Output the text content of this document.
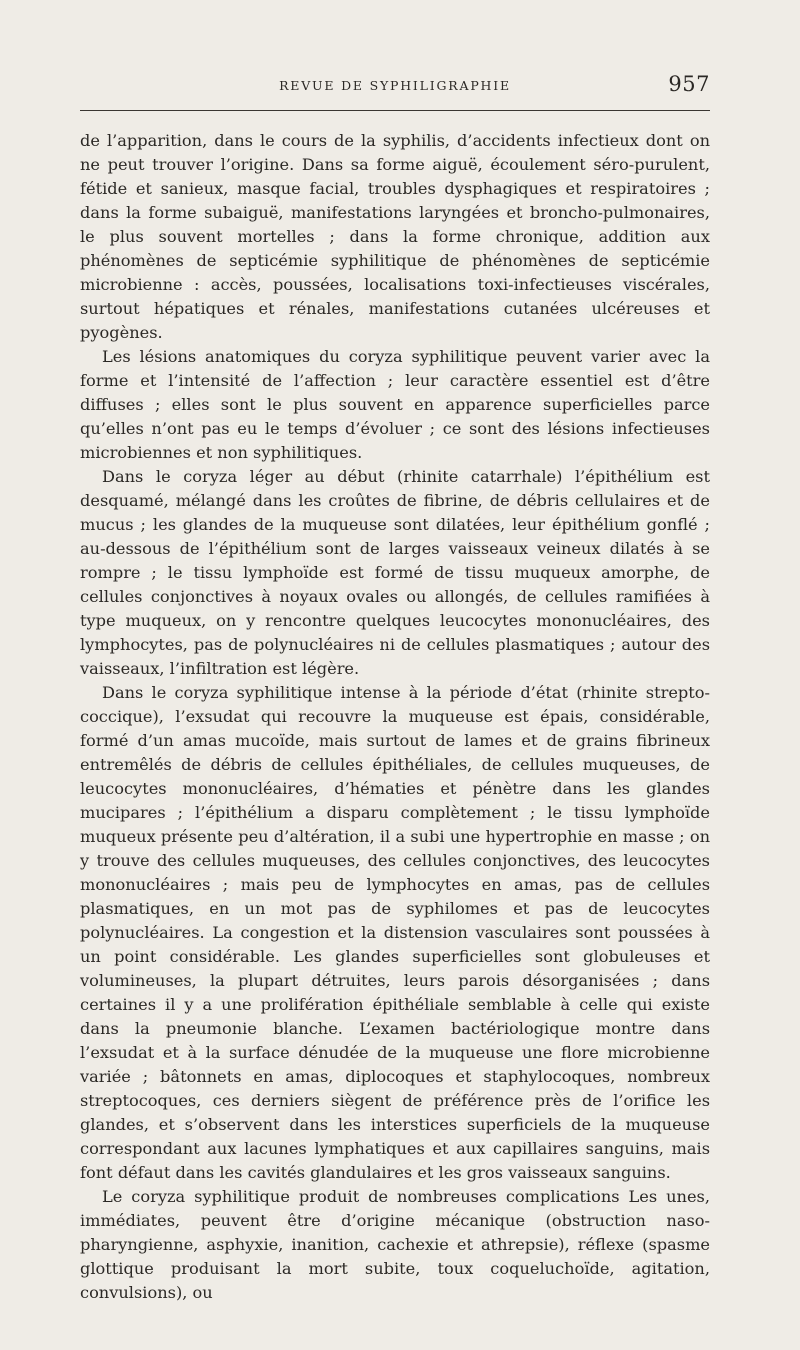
REVUE DE SYPHILIGRAPHIE	957

de l’apparition, dans le cours de la syphilis, d’accidents infectieux dont on ne peut trouver l’origine. Dans sa forme aiguë, écoulement séro-purulent, fétide et sanieux, masque facial, troubles dysphagiques et respiratoires ; dans la forme subaiguë, manifestations laryngées et broncho-pulmonaires, le plus souvent mortelles ; dans la forme chronique, addition aux phénomènes de septicémie syphilitique de phénomènes de septicémie microbienne : accès, poussées, localisations toxi-infectieuses viscérales, surtout hépatiques et rénales, manifestations cutanées ulcéreuses et pyogènes.

Les lésions anatomiques du coryza syphilitique peuvent varier avec la forme et l’intensité de l’affection ; leur caractère essentiel est d’être diffuses ; elles sont le plus souvent en apparence superficielles parce qu’elles n’ont pas eu le temps d’évoluer ; ce sont des lésions infectieuses microbiennes et non syphilitiques.

Dans le coryza léger au début (rhinite catarrhale) l’épithélium est desquamé, mélangé dans les croûtes de fibrine, de débris cellulaires et de mucus ; les glandes de la muqueuse sont dilatées, leur épithélium gonflé ; au-dessous de l’épithélium sont de larges vaisseaux veineux dilatés à se rompre ; le tissu lymphoïde est formé de tissu muqueux amorphe, de cellules conjonctives à noyaux ovales ou allongés, de cellules ramifiées à type muqueux, on y rencontre quelques leucocytes mononucléaires, des lymphocytes, pas de polynucléaires ni de cellules plasmatiques ; autour des vaisseaux, l’infiltration est légère.

Dans le coryza syphilitique intense à la période d’état (rhinite strepto-coccique), l’exsudat qui recouvre la muqueuse est épais, considérable, formé d’un amas mucoïde, mais surtout de lames et de grains fibrineux entremêlés de débris de cellules épithéliales, de cellules muqueuses, de leucocytes mononucléaires, d’hématies et pénètre dans les glandes mucipares ; l’épithélium a disparu complètement ; le tissu lymphoïde muqueux présente peu d’altération, il a subi une hypertrophie en masse ; on y trouve des cellules muqueuses, des cellules conjonctives, des leucocytes mononucléaires ; mais peu de lymphocytes en amas, pas de cellules plasmatiques, en un mot pas de syphilomes et pas de leucocytes polynucléaires. La congestion et la distension vasculaires sont poussées à un point considérable. Les glandes superficielles sont globuleuses et volumineuses, la plupart détruites, leurs parois désorganisées ; dans certaines il y a une prolifération épithéliale semblable à celle qui existe dans la pneumonie blanche. L’examen bactériologique montre dans l’exsudat et à la surface dénudée de la muqueuse une flore microbienne variée ; bâtonnets en amas, diplocoques et staphylocoques, nombreux streptocoques, ces derniers siègent de préférence près de l’orifice les glandes, et s’observent dans les interstices superficiels de la muqueuse correspondant aux lacunes lymphatiques et aux capillaires sanguins, mais font défaut dans les cavités glandulaires et les gros vaisseaux sanguins.

Le coryza syphilitique produit de nombreuses complications Les unes, immédiates, peuvent être d’origine mécanique (obstruction naso-pharyngienne, asphyxie, inanition, cachexie et athrepsie), réflexe (spasme glottique produisant la mort subite, toux coqueluchoïde, agitation, convulsions), ou
